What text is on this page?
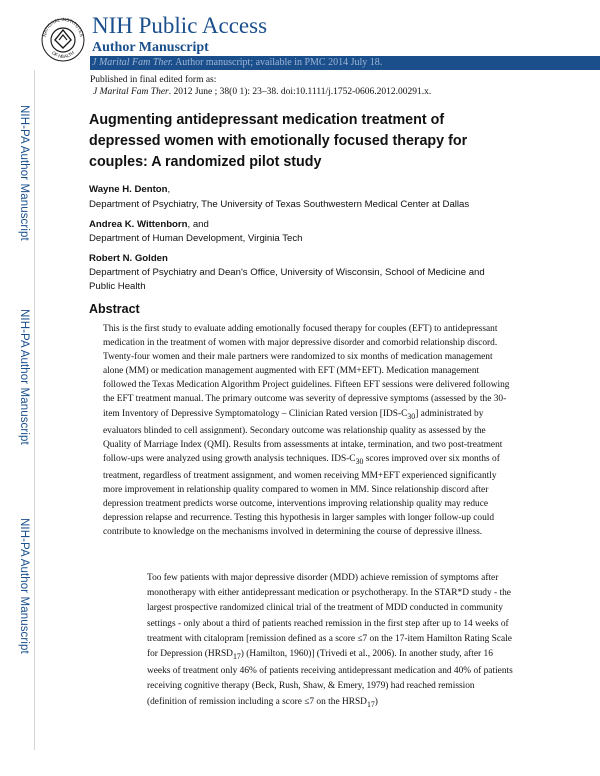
NATIONAL INSTITUTES
OF HEALTH
NIH Public Access
Author Manuscript
J Marital Fam Ther. Author manuscript; available in PMC 2014 July 18.
NIH-PA Author Manuscript
NIH-PA Author Manuscript
NIH-PA Author Manuscript
Published in final edited form as:
J Marital Fam Ther. 2012 June ; 38(0 1): 23–38. doi:10.1111/j.1752-0606.2012.00291.x.
Augmenting antidepressant medication treatment of depressed women with emotionally focused therapy for couples: A randomized pilot study
Wayne H. Denton,
Department of Psychiatry, The University of Texas Southwestern Medical Center at Dallas
Andrea K. Wittenborn, and
Department of Human Development, Virginia Tech
Robert N. Golden
Department of Psychiatry and Dean's Office, University of Wisconsin, School of Medicine and Public Health
Abstract
This is the first study to evaluate adding emotionally focused therapy for couples (EFT) to antidepressant medication in the treatment of women with major depressive disorder and comorbid relationship discord. Twenty-four women and their male partners were randomized to six months of medication management alone (MM) or medication management augmented with EFT (MM+EFT). Medication management followed the Texas Medication Algorithm Project guidelines. Fifteen EFT sessions were delivered following the EFT treatment manual. The primary outcome was severity of depressive symptoms (assessed by the 30-item Inventory of Depressive Symptomatology – Clinician Rated version $[IDS-C_{30}]$ administrated by evaluators blinded to cell assignment). Secondary outcome was relationship quality as assessed by the Quality of Marriage Index (QMI). Results from assessments at intake, termination, and two post-treatment follow-ups were analyzed using growth analysis techniques. IDS-$C_{30}$ scores improved over six months of treatment, regardless of treatment assignment, and women receiving MM+EFT experienced significantly more improvement in relationship quality compared to women in MM. Since relationship discord after depression treatment predicts worse outcome, interventions improving relationship quality may reduce depression relapse and recurrence. Testing this hypothesis in larger samples with longer follow-up could contribute to knowledge on the mechanisms involved in determining the course of depressive illness.
Too few patients with major depressive disorder (MDD) achieve remission of symptoms after monotherapy with either antidepressant medication or psychotherapy. In the STAR*D study - the largest prospective randomized clinical trial of the treatment of MDD conducted in community settings - only about a third of patients reached remission in the first step after up to 14 weeks of treatment with citalopram [remission defined as a score ≤7 on the 17-item Hamilton Rating Scale for Depression $(HRSD_{17})$ (Hamilton, 1960)] (Trivedi et al., 2006). In another study, after 16 weeks of treatment only 46% of patients receiving antidepressant medication and 40% of patients receiving cognitive therapy (Beck, Rush, Shaw, & Emery, 1979) had reached remission (definition of remission including a score ≤7 on the $HRSD_{17}$)
